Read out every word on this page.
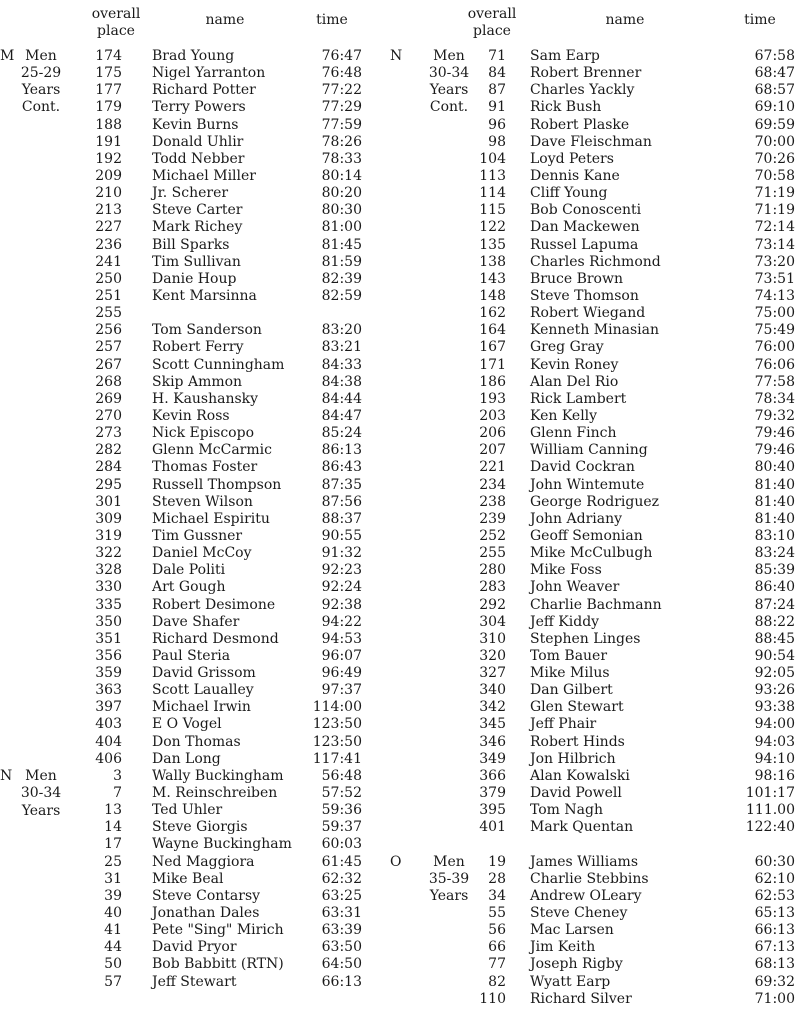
overall
place
name	time
174 Brad Young	76:47
175 Nigel Yarranton	76:48
177 Richard Potter	77:22
179 Terry Powers	77:29
188 Kevin Burns	77:59
191 Donald Uhlir	78:26
192 Todd Nebber	78:33
209 Michael Miller	80:14
210 Jr. Scherer	80:20
213 Steve Carter	80:30
227 Mark Richey	81:00
236 Bill Sparks	81:45
241 Tim Sullivan	81:59
250 Danie Houp	82:39
251 Kent Marsinna	82:59
255
256 Tom Sanderson	83:20
257 Robert Ferry	83:21
267 Scott Cunningham	84:33
268 Skip Ammon	84:38
269 H. Kaushansky	84:44
270 Kevin Ross	84:47
273 Nick Episcopo	85:24
282 Glenn McCarmic	86:13
284 Thomas Foster	86:43
295 Russell Thompson	87:35
301 Steven Wilson	87:56
309 Michael Espiritu	88:37
319 Tim Gussner	90:55
322 Daniel McCoy	91:32
328 Dale Politi	92:23
330 Art Gough	92:24
335 Robert Desimone	92:38
350 Dave Shafer	94:22
351 Richard Desmond	94:53
356 Paul Steria	96:07
359 David Grissom	96:49
363 Scott Laualley	97:37
397 Michael Irwin	114:00
403 E O Vogel	123:50
404 Don Thomas	123:50
406 Dan Long	117:41
3 Wally Buckingham	56:48
7 M. Reinschreiben	57:52
13 Ted Uhler	59:36
14 Steve Giorgis	59:37
17 Wayne Buckingham	60:03
25 Ned Maggiora	61:45
31 Mike Beal	62:32
39 Steve Contarsy	63:25
40 Jonathan Dales	63:31
41 Pete "Sing" Mirich	63:39
44 David Pryor	63:50
50 Bob Babbitt (RTN)	64:50
57 Jeff Stewart	66:13
M Men
25-29
Years
Cont.
N Men
30-34
Years
overall
place
name	time
71 Sam Earp	67:58
84 Robert Brenner	68:47
87 Charles Yackly	68:57
91 Rick Bush	69:10
96 Robert Plaske	69:59
98 Dave Fleischman	70:00
104 Loyd Peters	70:26
113 Dennis Kane	70:58
114 Cliff Young	71:19
115 Bob Conoscenti	71:19
122 Dan Mackewen	72:14
135 Russel Lapuma	73:14
138 Charles Richmond	73:20
143 Bruce Brown	73:51
148 Steve Thomson	74:13
162 Robert Wiegand	75:00
164 Kenneth Minasian	75:49
167 Greg Gray	76:00
171 Kevin Roney	76:06
186 Alan Del Rio	77:58
193 Rick Lambert	78:34
203 Ken Kelly	79:32
206 Glenn Finch	79:46
207 William Canning	79:46
221 David Cockran	80:40
234 John Wintemute	81:40
238 George Rodriguez	81:40
239 John Adriany	81:40
252 Geoff Semonian	83:10
255 Mike McCulbugh	83:24
280 Mike Foss	85:39
283 John Weaver	86:40
292 Charlie Bachmann	87:24
304 Jeff Kiddy	88:22
310 Stephen Linges	88:45
320 Tom Bauer	90:54
327 Mike Milus	92:05
340 Dan Gilbert	93:26
342 Glen Stewart	93:38
345 Jeff Phair	94:00
346 Robert Hinds	94:03
349 Jon Hilbrich	94:10
366 Alan Kowalski	98:16
379 David Powell	101:17
395 Tom Nagh	111.00
401 Mark Quentan	122:40
19 James Williams	60:30
28 Charlie Stebbins	62:10
34 Andrew OLeary	62:53
55 Steve Cheney	65:13
56 Mac Larsen	66:13
66 Jim Keith	67:13
77 Joseph Rigby	68:13
82 Wyatt Earp	69:32
110 Richard Silver	71:00
N	Men
30-34
Years
Cont.
O	Men
35-39
Years
